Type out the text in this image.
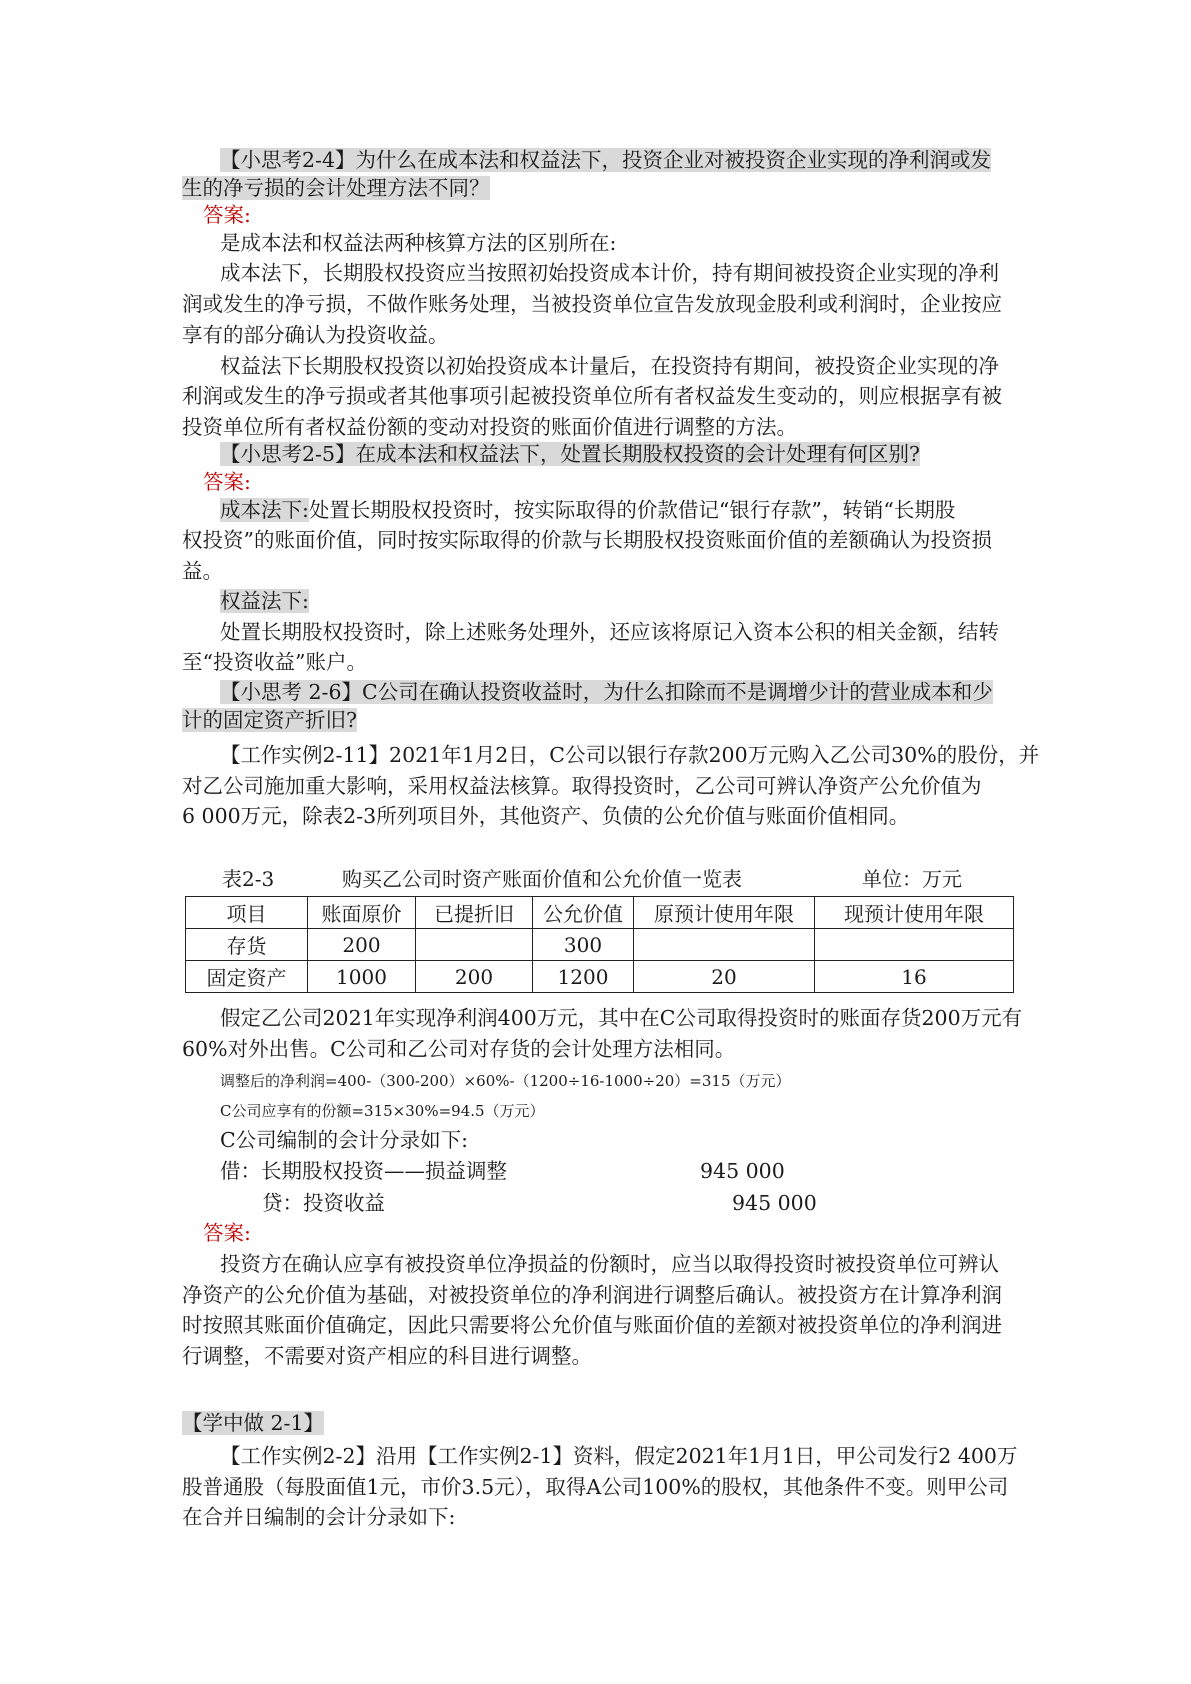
【小思考2-4】为什么在成本法和权益法下，投资企业对被投资企业实现的净利润或发
生的净亏损的会计处理方法不同？
答案:
是成本法和权益法两种核算方法的区别所在:
成本法下，长期股权投资应当按照初始投资成本计价，持有期间被投资企业实现的净利
润或发生的净亏损，不做作账务处理，当被投资单位宣告发放现金股利或利润时，企业按应
享有的部分确认为投资收益。
权益法下长期股权投资以初始投资成本计量后，在投资持有期间，被投资企业实现的净
利润或发生的净亏损或者其他事项引起被投资单位所有者权益发生变动的，则应根据享有被
投资单位所有者权益份额的变动对投资的账面价值进行调整的方法。
【小思考2-5】在成本法和权益法下，处置长期股权投资的会计处理有何区别?
答案:
成本法下:处置长期股权投资时，按实际取得的价款借记“银行存款”，转销“长期股
权投资”的账面价值，同时按实际取得的价款与长期股权投资账面价值的差额确认为投资损
益。
权益法下:
处置长期股权投资时，除上述账务处理外，还应该将原记入资本公积的相关金额，结转
至“投资收益”账户。
【小思考 2-6】C公司在确认投资收益时，为什么扣除而不是调增少计的营业成本和少
计的固定资产折旧?
【工作实例2-11】2021年1月2日，C公司以银行存款200万元购入乙公司30%的股份，并
对乙公司施加重大影响，采用权益法核算。取得投资时，乙公司可辨认净资产公允价值为
6 000万元，除表2-3所列项目外，其他资产、负债的公允价值与账面价值相同。
表2-3	购买乙公司时资产账面价值和公允价值一览表	单位：万元
项目	账面原价	已提折旧	公允价值	原预计使用年限	现预计使用年限
存货	200		300		
固定资产	1000	200	1200	20	16
假定乙公司2021年实现净利润400万元，其中在C公司取得投资时的账面存货200万元有
60%对外出售。C公司和乙公司对存货的会计处理方法相同。
调整后的净利润=400-（300-200）×60%-（1200÷16-1000÷20）=315（万元）
C公司应享有的份额=315×30%=94.5（万元）
C公司编制的会计分录如下:
借：长期股权投资——损益调整	945 000
贷：投资收益	945 000
答案:
投资方在确认应享有被投资单位净损益的份额时，应当以取得投资时被投资单位可辨认
净资产的公允价值为基础，对被投资单位的净利润进行调整后确认。被投资方在计算净利润
时按照其账面价值确定，因此只需要将公允价值与账面价值的差额对被投资单位的净利润进
行调整，不需要对资产相应的科目进行调整。
【学中做 2-1】
【工作实例2-2】沿用【工作实例2-1】资料，假定2021年1月1日，甲公司发行2 400万
股普通股（每股面值1元，市价3.5元），取得A公司100%的股权，其他条件不变。则甲公司
在合并日编制的会计分录如下:
